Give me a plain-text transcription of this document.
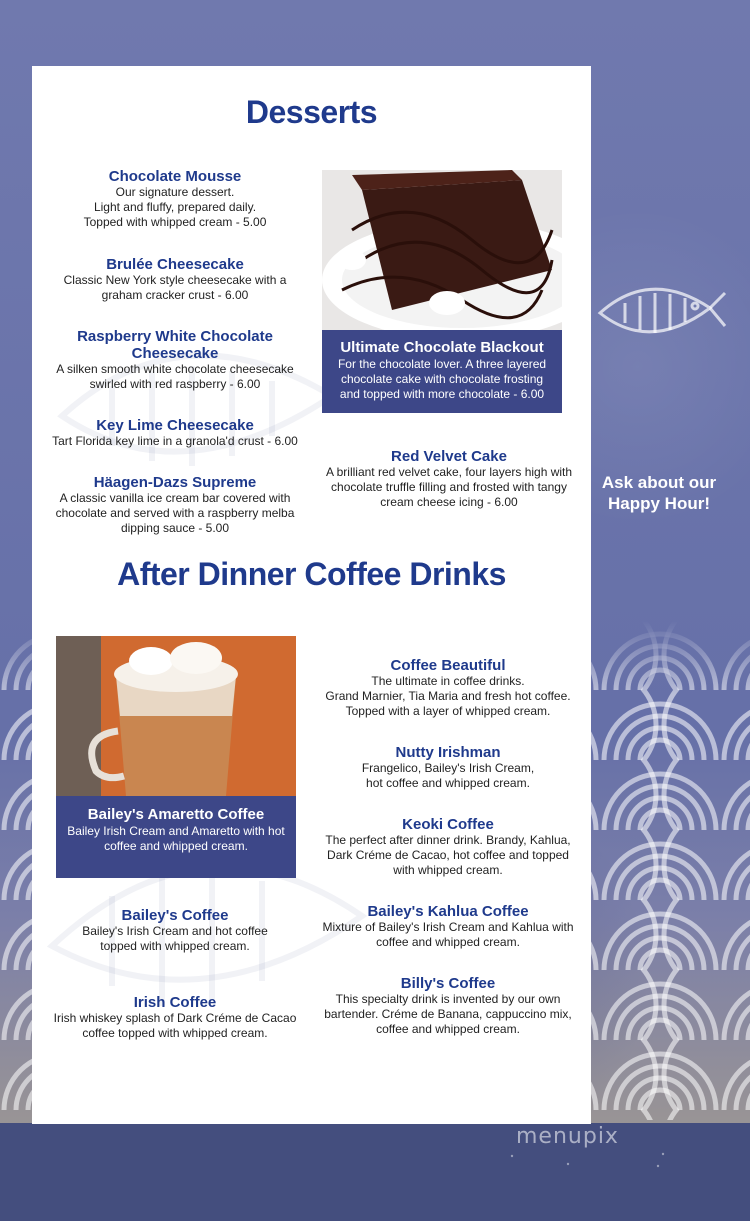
Ask about our Happy Hour!
menupix
Desserts
Chocolate Mousse
Our signature dessert.
Light and fluffy, prepared daily.
Topped with whipped cream - 5.00
Brulée Cheesecake
Classic New York style cheesecake with a
graham cracker crust - 6.00
Raspberry White Chocolate
Cheesecake
A silken smooth white chocolate cheesecake
swirled with red raspberry - 6.00
Key Lime Cheesecake
Tart Florida key lime in a granola'd crust - 6.00
Häagen-Dazs Supreme
A classic vanilla ice cream bar covered with
chocolate and served with a raspberry melba
dipping sauce - 5.00
Ultimate Chocolate Blackout
For the chocolate lover. A three layered
chocolate cake with chocolate frosting
and topped with more chocolate - 6.00
Red Velvet Cake
A brilliant red velvet cake, four layers high with
chocolate truffle filling and frosted with tangy
cream cheese icing - 6.00
After Dinner Coffee Drinks
Bailey's Amaretto Coffee
Bailey Irish Cream and Amaretto with hot
coffee and whipped cream.
Coffee Beautiful
The ultimate in coffee drinks.
Grand Marnier, Tia Maria and fresh hot coffee.
Topped with a layer of whipped cream.
Nutty Irishman
Frangelico, Bailey's Irish Cream,
hot coffee and whipped cream.
Keoki Coffee
The perfect after dinner drink. Brandy, Kahlua,
Dark Créme de Cacao, hot coffee and topped
with whipped cream.
Bailey's Kahlua Coffee
Mixture of Bailey's Irish Cream and Kahlua with
coffee and whipped cream.
Billy's Coffee
This specialty drink is invented by our own
bartender. Créme de Banana, cappuccino mix,
coffee and whipped cream.
Bailey's Coffee
Bailey's Irish Cream and hot coffee
topped with whipped cream.
Irish Coffee
Irish whiskey splash of Dark Créme de Cacao
coffee topped with whipped cream.
